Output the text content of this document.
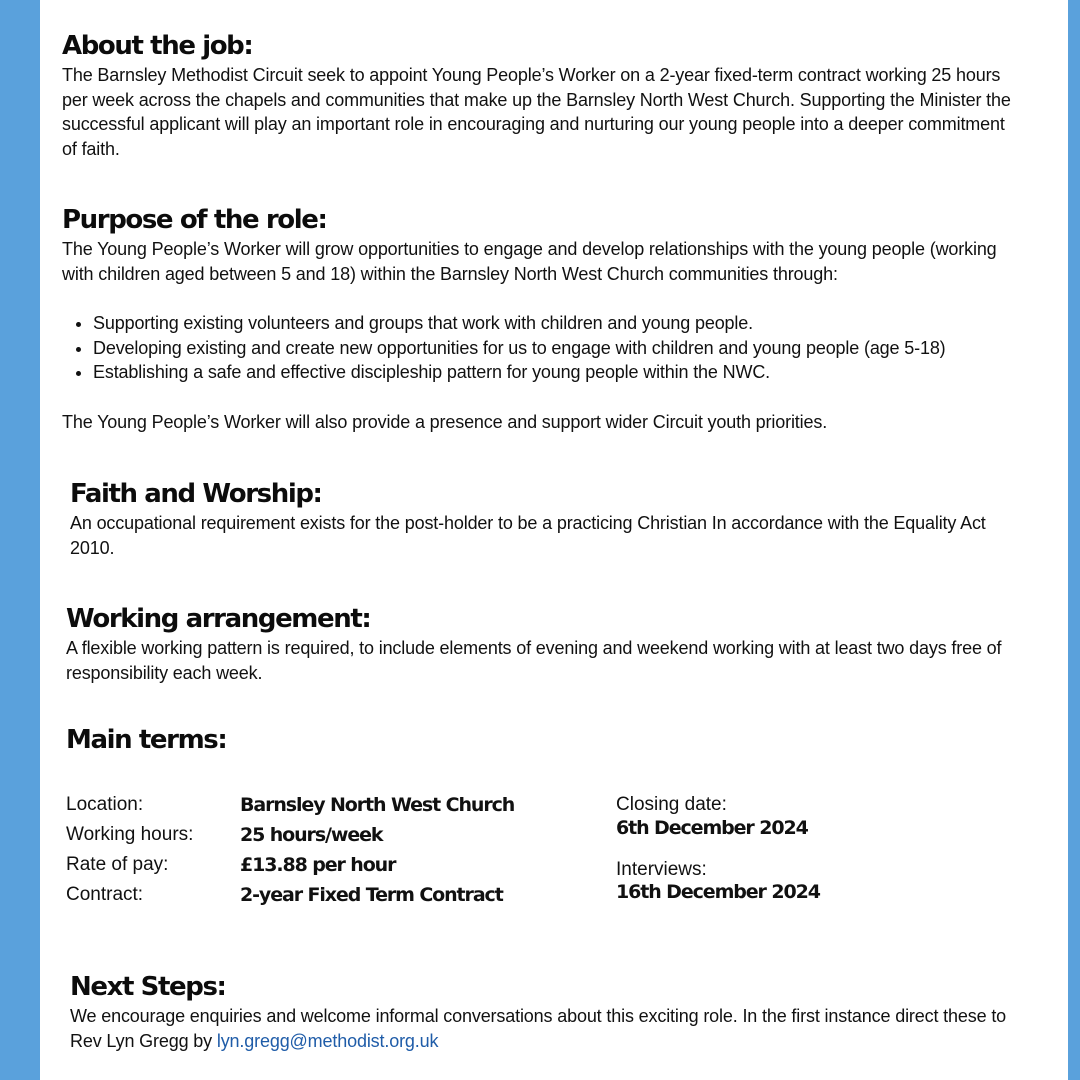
About the job:

The Barnsley Methodist Circuit seek to appoint Young People’s Worker on a 2-year fixed-term contract working 25 hours per week across the chapels and communities that make up the Barnsley North West Church. Supporting the Minister the successful applicant will play an important role in encouraging and nurturing our young people into a deeper commitment of faith.

Purpose of the role:

The Young People’s Worker will grow opportunities to engage and develop relationships with the young people (working with children aged between 5 and 18) within the Barnsley North West Church communities through:

• Supporting existing volunteers and groups that work with children and young people.
• Developing existing and create new opportunities for us to engage with children and young people (age 5-18)
• Establishing a safe and effective discipleship pattern for young people within the NWC.

The Young People’s Worker will also provide a presence and support wider Circuit youth priorities.

Faith and Worship:

An occupational requirement exists for the post-holder to be a practicing Christian In accordance with the Equality Act 2010.

Working arrangement:

A flexible working pattern is required, to include elements of evening and weekend working with at least two days free of responsibility each week.

Main terms:
Location:	Barnsley North West Church
Working hours: 25 hours/week
Rate of pay:	£13.88 per hour
Contract:	2-year Fixed Term Contract
Closing date:
6th December 2024
Interviews:
16th December 2024
Next Steps:

We encourage enquiries and welcome informal conversations about this exciting role. In the first instance direct these to Rev Lyn Gregg by lyn.gregg@methodist.org.uk
